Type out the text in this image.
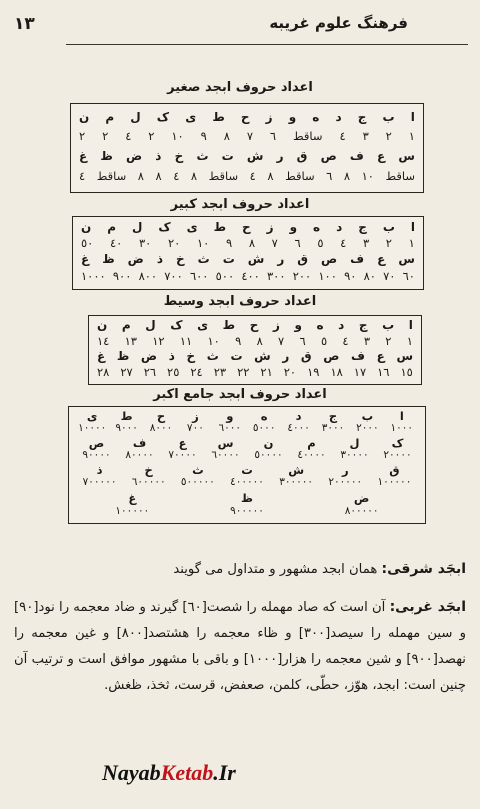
١٣	فرهنگ علوم غریبه
اعداد حروف ابجد صغیر
ا
ب
ج
د
ه
و
ز
ح
ط
ی
ک
ل
م
ن
١
٢
٣
٤
ساقط
٦
٧
٨
٩
١٠
٢
٤
٢
٢
س
ع
ف
ص
ق
ر
ش
ت
ث
خ
ذ
ض
ظ
غ
ساقط
١٠
٨
٦
ساقط
٨
٤
ساقط
٨
٤
٨
٨
ساقط
٤
اعداد حروف ابجد کبیر
ا
ب
ج
د
ه
و
ز
ح
ط
ی
ک
ل
م
ن
١
٢
٣
٤
٥
٦
٧
٨
٩
١٠
٢٠
٣٠
٤٠
٥٠
س
ع
ف
ص
ق
ر
ش
ت
ث
خ
ذ
ض
ظ
غ
٦٠
٧٠
٨٠
٩٠
١٠٠
٢٠٠
٣٠٠
٤٠٠
٥٠٠
٦٠٠
٧٠٠
٨٠٠
٩٠٠
١٠٠٠
اعداد حروف ابجد وسیط
ا
ب
ج
د
ه
و
ز
ح
ط
ی
ک
ل
م
ن
١
٢
٣
٤
٥
٦
٧
٨
٩
١٠
١١
١٢
١٣
١٤
س
ع
ف
ص
ق
ر
ش
ت
ث
خ
ذ
ض
ظ
غ
١٥
١٦
١٧
١٨
١٩
٢٠
٢١
٢٢
٢٣
٢٤
٢٥
٢٦
٢٧
٢٨
اعداد حروف ابجد جامع اکبر
ا
ب
ج
د
ه
و
ز
ح
ط
ی
١٠٠٠
٢٠٠٠
٣٠٠٠
٤٠٠٠
٥٠٠٠
٦٠٠٠
٧٠٠
٨٠٠٠
٩٠٠٠
١٠٠٠٠
ک
ل
م
ن
س
ع
ف
ص
٢٠٠٠٠
٣٠٠٠٠
٤٠٠٠٠
٥٠٠٠٠
٦٠٠٠٠
٧٠٠٠٠
٨٠٠٠٠
٩٠٠٠٠
ق
ر
ش
ت
ث
خ
ذ
١٠٠٠٠٠
٢٠٠٠٠٠
٣٠٠٠٠٠
٤٠٠٠٠٠
٥٠٠٠٠٠
٦٠٠٠٠٠
٧٠٠٠٠٠
ض
ظ
غ
٨٠٠٠٠٠
٩٠٠٠٠٠
١٠٠٠٠٠
ابجَد شرقی: همان ابجد مشهور و متداول می گویند
ابجَد غربی: آن است که صاد مهمله را شصت[٦٠] گیرند و ضاد معجمه را نود[٩٠] و سین مهمله را سیصد[٣٠٠] و ظاء معجمه را هشتصد[٨٠٠] و غین معجمه را نهصد[٩٠٠] و شین معجمه را هزار[١٠٠٠] و باقی با مشهور موافق است و ترتیب آن چنین است: ابجد، هوّز، حطّی، کلمن، صعفض، قرست، ثخذ، ظغش.
NayabKetab.Ir
